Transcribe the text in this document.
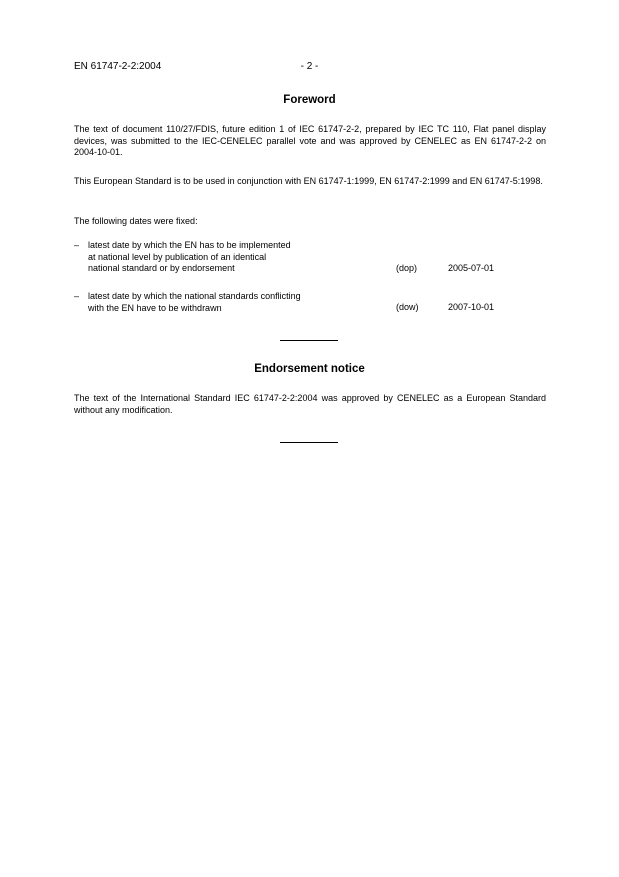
EN 61747-2-2:2004	- 2 -
Foreword
The text of document 110/27/FDIS, future edition 1 of IEC 61747-2-2, prepared by IEC TC 110, Flat panel display devices, was submitted to the IEC-CENELEC parallel vote and was approved by CENELEC as EN 61747-2-2 on 2004-10-01.
This European Standard is to be used in conjunction with EN 61747-1:1999, EN 61747-2:1999 and EN 61747-5:1998.
The following dates were fixed:
– latest date by which the EN has to be implemented
at national level by publication of an identical
national standard or by endorsement	(dop)	2005-07-01
– latest date by which the national standards conflicting
with the EN have to be withdrawn	(dow)	2007-10-01
Endorsement notice
The text of the International Standard IEC 61747-2-2:2004 was approved by CENELEC as a European Standard without any modification.
